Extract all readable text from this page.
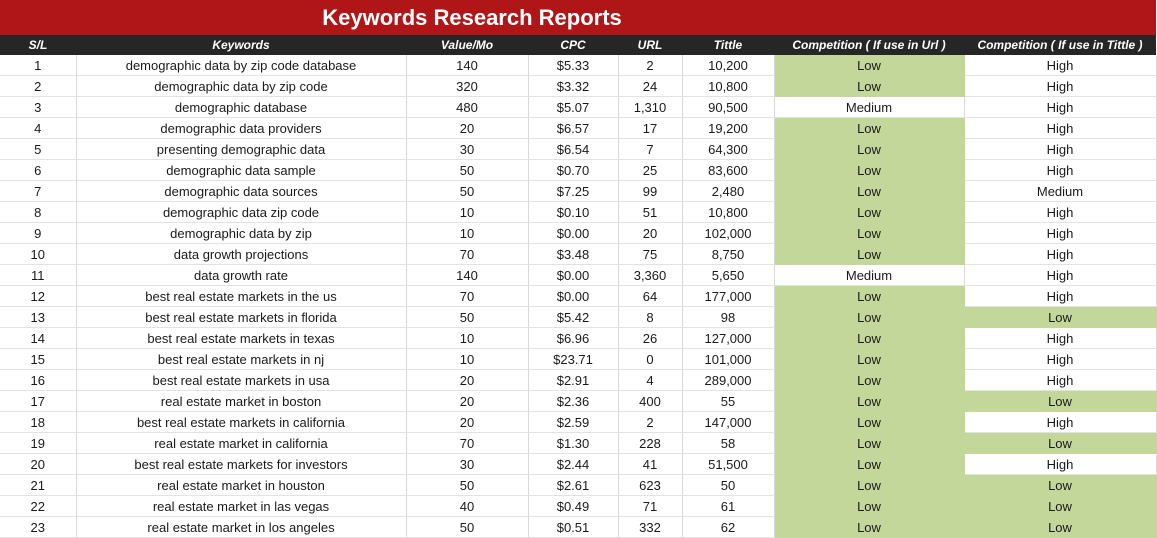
Keywords Research Reports
S/L	Keywords	Value/Mo	CPC	URL	Tittle	Competition ( If use in Url )	Competition ( If use in Tittle )
1	demographic data by zip code database	140	$5.33	2	10,200	Low	High
2	demographic data by zip code	320	$3.32	24	10,800	Low	High
3	demographic database	480	$5.07	1,310	90,500	Medium	High
4	demographic data providers	20	$6.57	17	19,200	Low	High
5	presenting demographic data	30	$6.54	7	64,300	Low	High
6	demographic data sample	50	$0.70	25	83,600	Low	High
7	demographic data sources	50	$7.25	99	2,480	Low	Medium
8	demographic data zip code	10	$0.10	51	10,800	Low	High
9	demographic data by zip	10	$0.00	20	102,000	Low	High
10	data growth projections	70	$3.48	75	8,750	Low	High
11	data growth rate	140	$0.00	3,360	5,650	Medium	High
12	best real estate markets in the us	70	$0.00	64	177,000	Low	High
13	best real estate markets in florida	50	$5.42	8	98	Low	Low
14	best real estate markets in texas	10	$6.96	26	127,000	Low	High
15	best real estate markets in nj	10	$23.71	0	101,000	Low	High
16	best real estate markets in usa	20	$2.91	4	289,000	Low	High
17	real estate market in boston	20	$2.36	400	55	Low	Low
18	best real estate markets in california	20	$2.59	2	147,000	Low	High
19	real estate market in california	70	$1.30	228	58	Low	Low
20	best real estate markets for investors	30	$2.44	41	51,500	Low	High
21	real estate market in houston	50	$2.61	623	50	Low	Low
22	real estate market in las vegas	40	$0.49	71	61	Low	Low
23	real estate market in los angeles	50	$0.51	332	62	Low	Low
